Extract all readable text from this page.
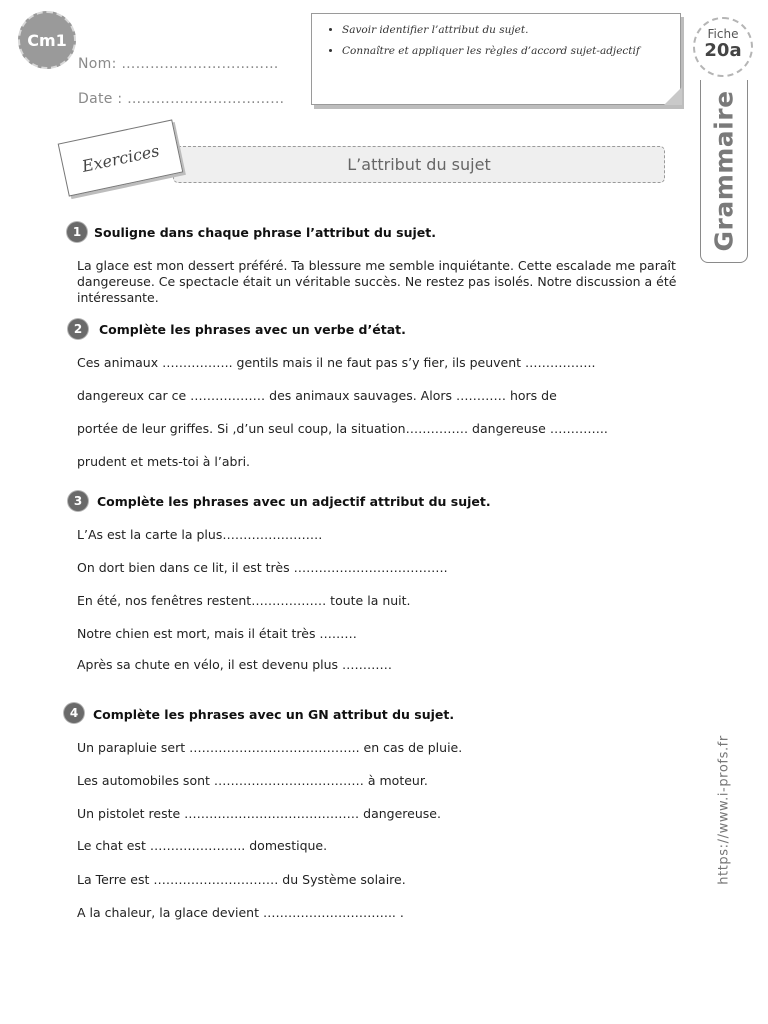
Cm1
Nom: ……………………………
Date : ……………………………
• Savoir identifier l’attribut du sujet.
• Connaître et appliquer les règles d’accord sujet-adjectif
Fiche
20a
Grammaire
L’attribut du sujet
Exercices
1	Souligne dans chaque phrase l’attribut du sujet.
La glace est mon dessert préféré. Ta blessure me semble inquiétante. Cette escalade me paraît dangereuse. Ce spectacle était un véritable succès. Ne restez pas isolés. Notre discussion a été intéressante.
2	Complète les phrases avec un verbe d’état.
Ces animaux …………….. gentils mais il ne faut pas s’y fier, ils peuvent ……………..
dangereux car ce ……………… des animaux sauvages. Alors ………… hors de
portée de leur griffes. Si ,d’un seul coup, la situation…………… dangereuse …………..
prudent et mets-toi à l’abri.
3	Complète les phrases avec un adjectif attribut du sujet.
L’As est la carte la plus……………………
On dort bien dans ce lit, il est très ……………………………….
En été, nos fenêtres restent……………… toute la nuit.
Notre chien est mort, mais il était très ………
Après sa chute en vélo, il est devenu plus …………
4	Complète les phrases avec un GN attribut du sujet.
Un parapluie sert ………………………………….. en cas de pluie.
Les automobiles sont ……………………………… à moteur.
Un pistolet reste …………………………………… dangereuse.
Le chat est ………………….. domestique.
La Terre est ………………………… du Système solaire.
A la chaleur, la glace devient ………………………….. .
https://www.i-profs.fr
